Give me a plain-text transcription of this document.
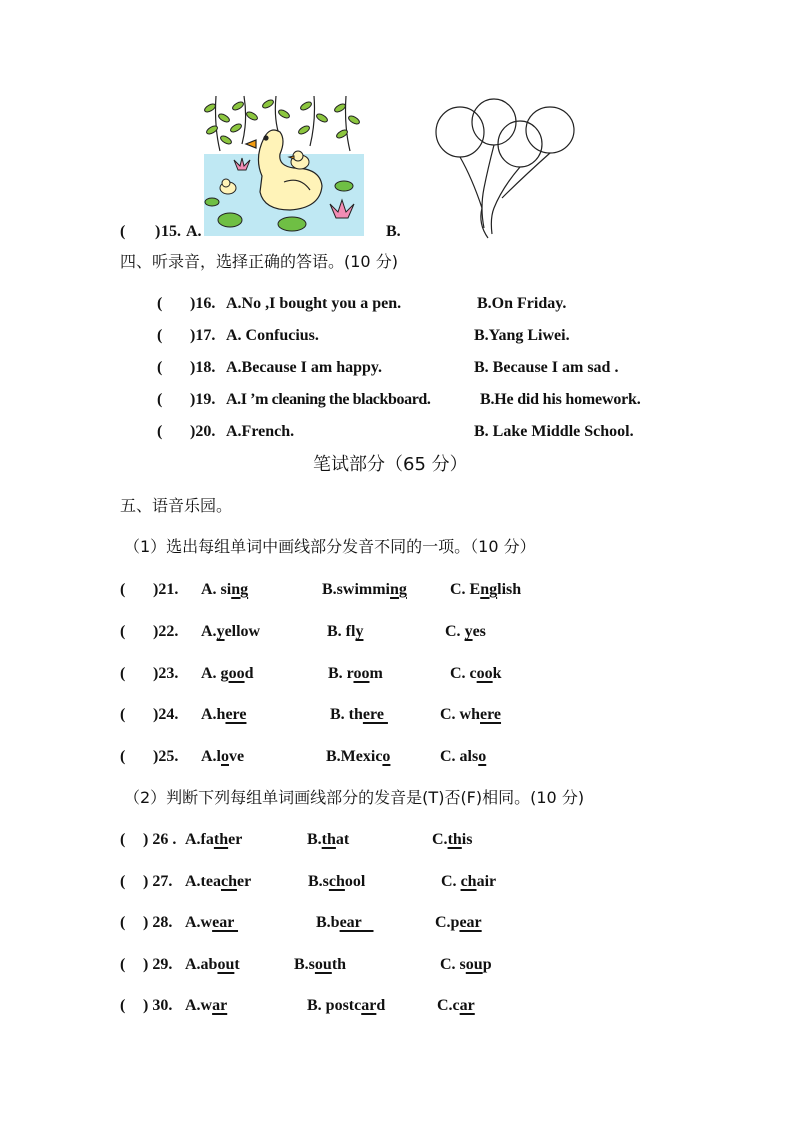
( ) 15. A.	B.
四、听录音，选择正确的答语。(10 分)
( )16. A.No ,I bought you a pen.	B.On Friday.
( )17. A. Confucius.	B.Yang Liwei.
( )18. A.Because I am happy.	B. Because I am sad .
( )19. A.I ’m cleaning the blackboard.	B.He did his homework.
( )20. A.French.	B. Lake Middle School.
笔试部分（65 分）
五、语音乐园。
（1）选出每组单词中画线部分发音不同的一项。（10 分）
( )21. A. sing	B.swimming	C. English
( )22. A.yellow	B. fly	C. yes
( )23. A. good	B. room	C. cook
( )24. A.here	B. there	C. where
( )25. A.love	B.Mexico	C. also
（2）判断下列每组单词画线部分的发音是(T)否(F)相同。(10 分)
( ) 26 . A.father	B.that	C.this
( ) 27. A.teacher	B.school	C. chair
( ) 28. A.wear	B.bear	C.pear
( ) 29. A.about	B.south	C. soup
( ) 30. A.war	B. postcard	C.car
